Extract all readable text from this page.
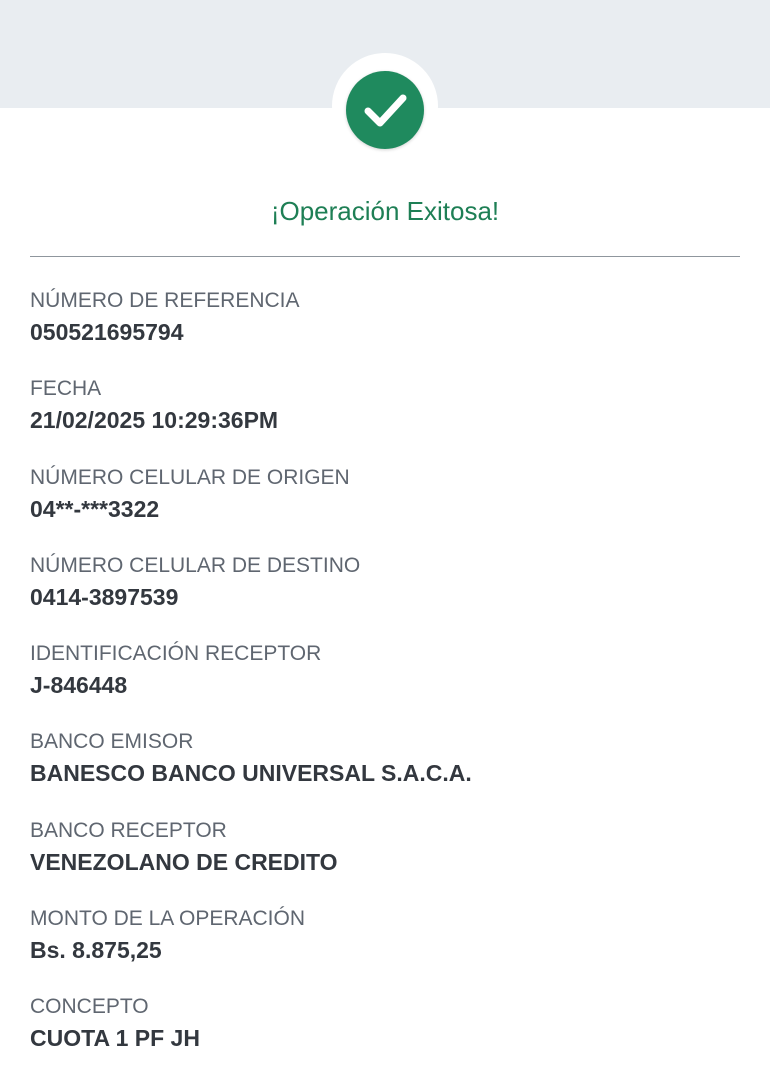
¡Operación Exitosa!
NÚMERO DE REFERENCIA
050521695794
FECHA
21/02/2025 10:29:36PM
NÚMERO CELULAR DE ORIGEN
04**-***3322
NÚMERO CELULAR DE DESTINO
0414-3897539
IDENTIFICACIÓN RECEPTOR
J-846448
BANCO EMISOR
BANESCO BANCO UNIVERSAL S.A.C.A.
BANCO RECEPTOR
VENEZOLANO DE CREDITO
MONTO DE LA OPERACIÓN
Bs. 8.875,25
CONCEPTO
CUOTA 1 PF JH
